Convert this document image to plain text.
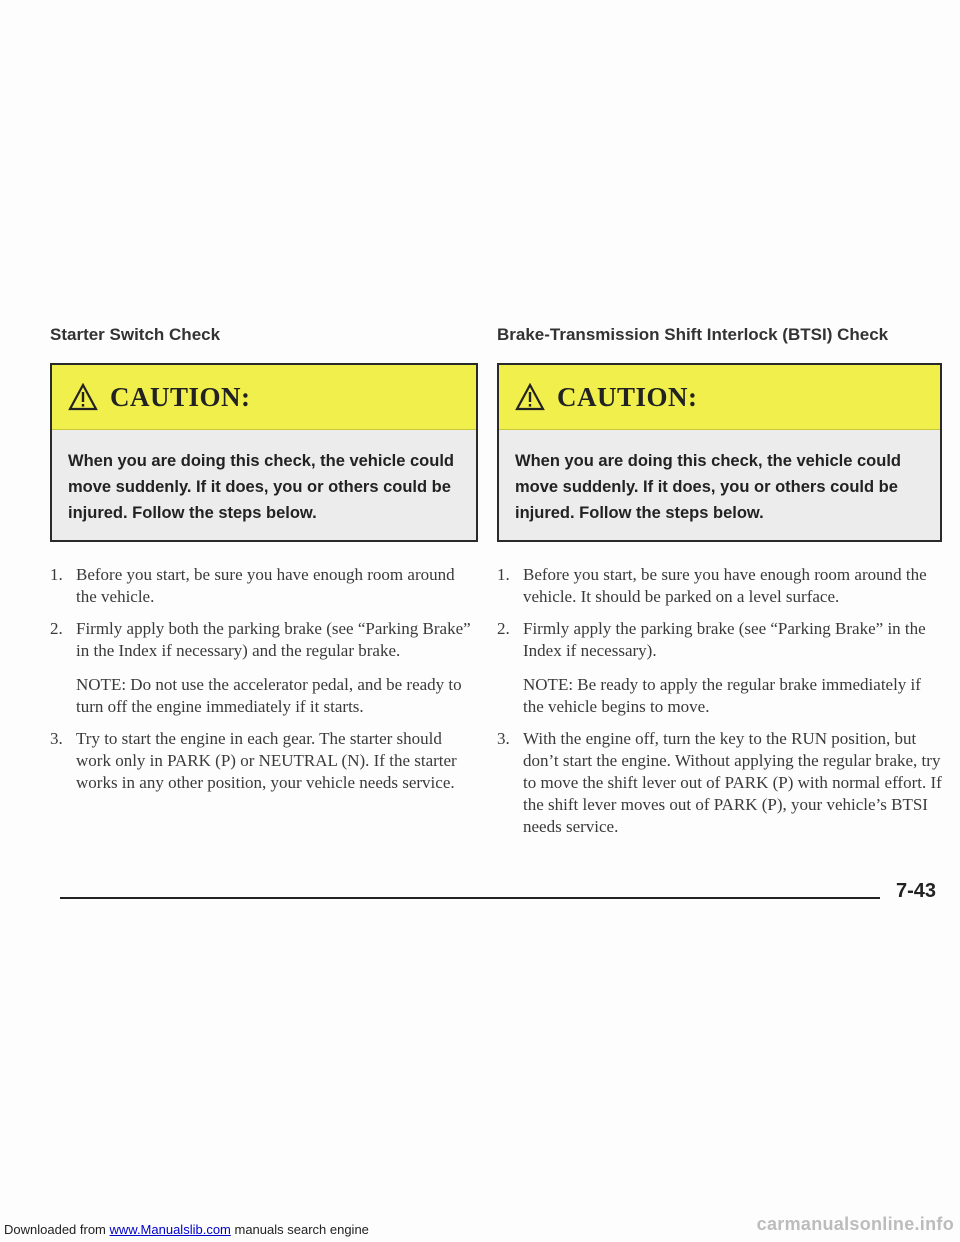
Starter Switch Check
CAUTION:
When you are doing this check, the vehicle could move suddenly. If it does, you or others could be injured. Follow the steps below.
1. Before you start, be sure you have enough room around the vehicle.
2. Firmly apply both the parking brake (see “Parking Brake” in the Index if necessary) and the regular brake.
NOTE: Do not use the accelerator pedal, and be ready to turn off the engine immediately if it starts.
3. Try to start the engine in each gear. The starter should work only in PARK (P) or NEUTRAL (N). If the starter works in any other position, your vehicle needs service.
Brake-Transmission Shift Interlock (BTSI) Check
CAUTION:
When you are doing this check, the vehicle could move suddenly. If it does, you or others could be injured. Follow the steps below.
1. Before you start, be sure you have enough room around the vehicle. It should be parked on a level surface.
2. Firmly apply the parking brake (see “Parking Brake” in the Index if necessary).
NOTE: Be ready to apply the regular brake immediately if the vehicle begins to move.
3. With the engine off, turn the key to the RUN position, but don’t start the engine. Without applying the regular brake, try to move the shift lever out of PARK (P) with normal effort. If the shift lever moves out of PARK (P), your vehicle’s BTSI needs service.
7-43
Downloaded from www.Manualslib.com manuals search engine	carmanualsonline.info
